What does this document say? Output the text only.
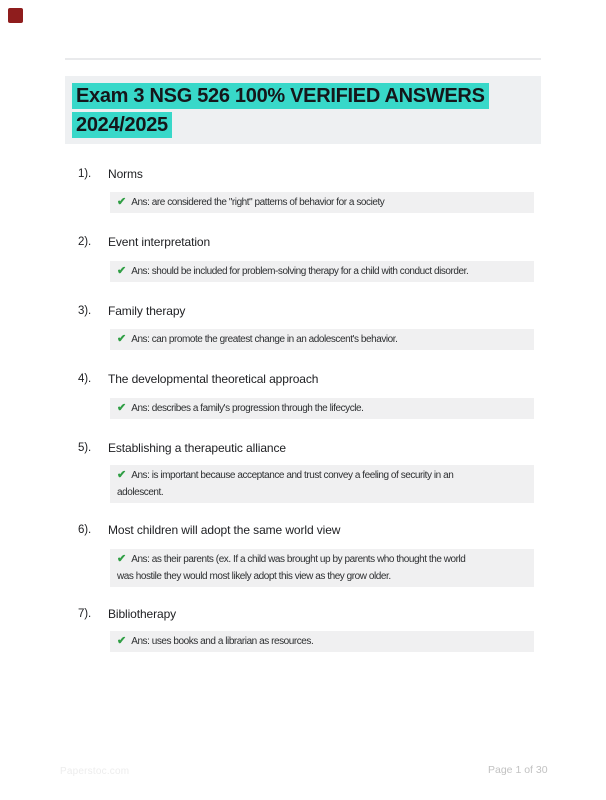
Exam 3 NSG 526 100% VERIFIED ANSWERS 2024/2025
1). Norms
✔ Ans: are considered the "right" patterns of behavior for a society
2). Event interpretation
✔ Ans: should be included for problem-solving therapy for a child with conduct disorder.
3). Family therapy
✔ Ans: can promote the greatest change in an adolescent's behavior.
4). The developmental theoretical approach
✔ Ans: describes a family's progression through the lifecycle.
5). Establishing a therapeutic alliance
✔ Ans: is important because acceptance and trust convey a feeling of security in an
adolescent.
6). Most children will adopt the same world view
✔ Ans: as their parents (ex. If a child was brought up by parents who thought the world
was hostile they would most likely adopt this view as they grow older.
7). Bibliotherapy
✔ Ans: uses books and a librarian as resources.
Paperstoc.com	Page 1 of 30
